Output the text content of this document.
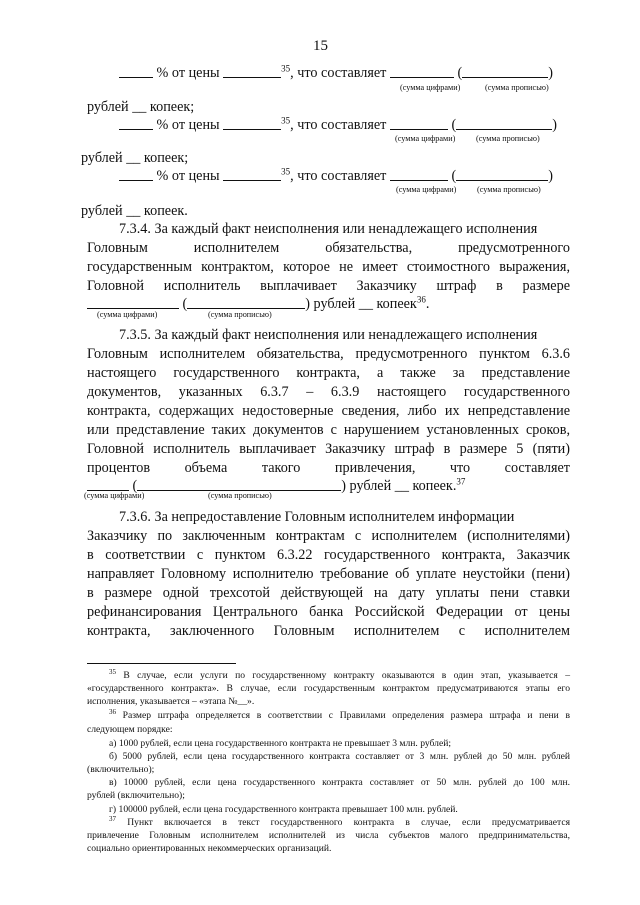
15
% от цены	$^{35}$, что составляет	(	)
(сумма цифрами)	(сумма прописью)
рублей __ копеек;
% от цены	$^{35}$, что составляет	(	)
(сумма цифрами)	(сумма прописью)
рублей __ копеек;
% от цены	$^{35}$, что составляет	(	)
(сумма цифрами)	(сумма прописью)
рублей __ копеек.
7.3.4. За каждый факт неисполнения или ненадлежащего исполнения
Головным исполнителем обязательства, предусмотренного
государственным контрактом, которое не имеет стоимостного выражения,
Головной исполнитель выплачивает Заказчику штраф в размере
(	) рублей __ копеек$^{36}$.
(сумма цифрами)	(сумма прописью)
7.3.5. За каждый факт неисполнения или ненадлежащего исполнения
Головным исполнителем обязательства, предусмотренного пунктом 6.3.6
настоящего государственного контракта, а также за представление
документов, указанных 6.3.7 – 6.3.9 настоящего государственного
контракта, содержащих недостоверные сведения, либо их непредставление
или представление таких документов с нарушением установленных сроков,
Головной исполнитель выплачивает Заказчику штраф в размере 5 (пяти)
процентов объема такого привлечения, что составляет
(	) рублей __ копеек.$^{37}$
(сумма цифрами)	(сумма прописью)
7.3.6. За непредоставление Головным исполнителем информации
Заказчику по заключенным контрактам с исполнителем (исполнителями)
в соответствии с пунктом 6.3.22 государственного контракта, Заказчик
направляет Головному исполнителю требование об уплате неустойки (пени)
в размере одной трехсотой действующей на дату уплаты пени ставки
рефинансирования Центрального банка Российской Федерации от цены
контракта, заключенного Головным исполнителем с исполнителем
$^{35}$ В случае, если услуги по государственному контракту оказываются в один этап, указывается –
«государственного контракта». В случае, если государственным контрактом предусматриваются этапы его
исполнения, указывается – «этапа №__».
$^{36}$ Размер штрафа определяется в соответствии с Правилами определения размера штрафа и пени в
следующем порядке:
а) 1000 рублей, если цена государственного контракта не превышает 3 млн. рублей;
б) 5000 рублей, если цена государственного контракта составляет от 3 млн. рублей до 50 млн. рублей
(включительно);
в) 10000 рублей, если цена государственного контракта составляет от 50 млн. рублей до 100 млн.
рублей (включительно);
г) 100000 рублей, если цена государственного контракта превышает 100 млн. рублей.
$^{37}$ Пункт включается в текст государственного контракта в случае, если предусматривается
привлечение Головным исполнителем исполнителей из числа субъектов малого предпринимательства,
социально ориентированных некоммерческих организаций.
